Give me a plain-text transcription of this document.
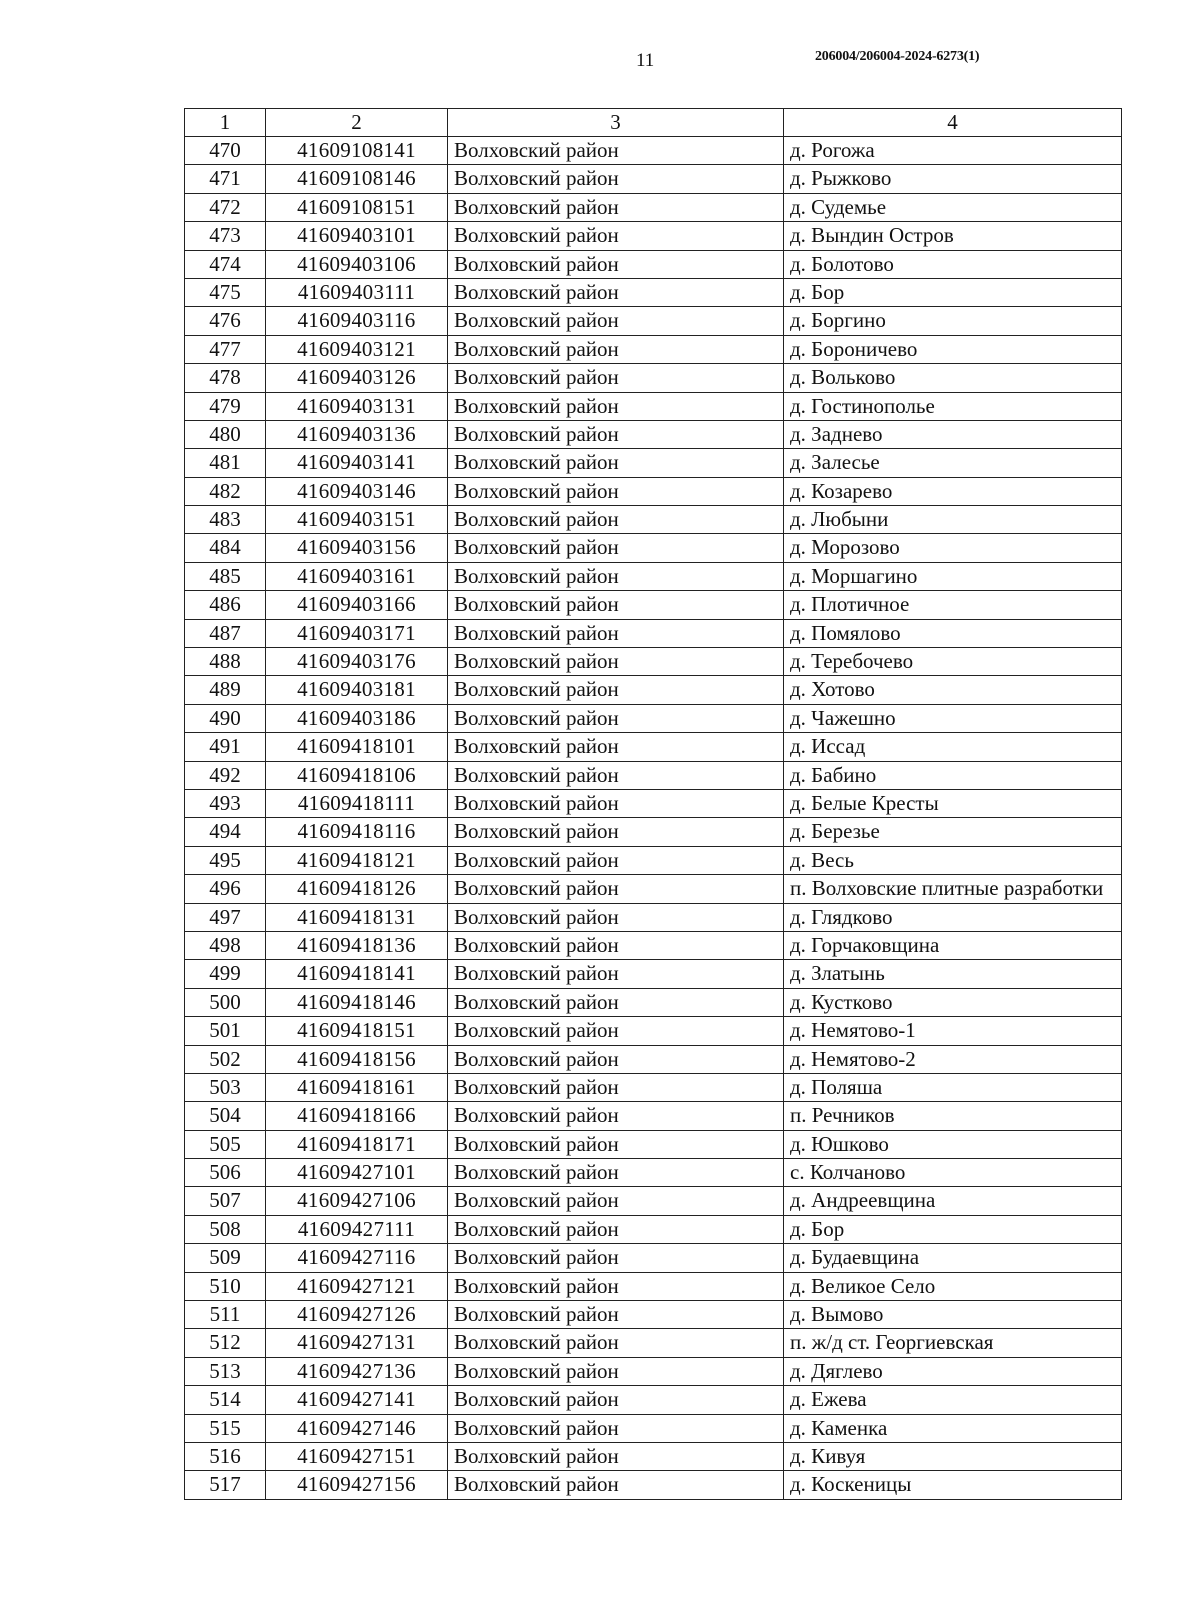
11	206004/206004-2024-6273(1)
1	2	3	4
470	41609108141	Волховский район	д. Рогожа
471	41609108146	Волховский район	д. Рыжково
472	41609108151	Волховский район	д. Судемье
473	41609403101	Волховский район	д. Вындин Остров
474	41609403106	Волховский район	д. Болотово
475	41609403111	Волховский район	д. Бор
476	41609403116	Волховский район	д. Боргино
477	41609403121	Волховский район	д. Бороничево
478	41609403126	Волховский район	д. Вольково
479	41609403131	Волховский район	д. Гостинополье
480	41609403136	Волховский район	д. Заднево
481	41609403141	Волховский район	д. Залесье
482	41609403146	Волховский район	д. Козарево
483	41609403151	Волховский район	д. Любыни
484	41609403156	Волховский район	д. Морозово
485	41609403161	Волховский район	д. Моршагино
486	41609403166	Волховский район	д. Плотичное
487	41609403171	Волховский район	д. Помялово
488	41609403176	Волховский район	д. Теребочево
489	41609403181	Волховский район	д. Хотово
490	41609403186	Волховский район	д. Чажешно
491	41609418101	Волховский район	д. Иссад
492	41609418106	Волховский район	д. Бабино
493	41609418111	Волховский район	д. Белые Кресты
494	41609418116	Волховский район	д. Березье
495	41609418121	Волховский район	д. Весь
496	41609418126	Волховский район	п. Волховские плитные разработки
497	41609418131	Волховский район	д. Глядково
498	41609418136	Волховский район	д. Горчаковщина
499	41609418141	Волховский район	д. Златынь
500	41609418146	Волховский район	д. Кустково
501	41609418151	Волховский район	д. Немятово-1
502	41609418156	Волховский район	д. Немятово-2
503	41609418161	Волховский район	д. Поляша
504	41609418166	Волховский район	п. Речников
505	41609418171	Волховский район	д. Юшково
506	41609427101	Волховский район	с. Колчаново
507	41609427106	Волховский район	д. Андреевщина
508	41609427111	Волховский район	д. Бор
509	41609427116	Волховский район	д. Будаевщина
510	41609427121	Волховский район	д. Великое Село
511	41609427126	Волховский район	д. Вымово
512	41609427131	Волховский район	п. ж/д ст. Георгиевская
513	41609427136	Волховский район	д. Дяглево
514	41609427141	Волховский район	д. Ежева
515	41609427146	Волховский район	д. Каменка
516	41609427151	Волховский район	д. Кивуя
517	41609427156	Волховский район	д. Коскеницы
